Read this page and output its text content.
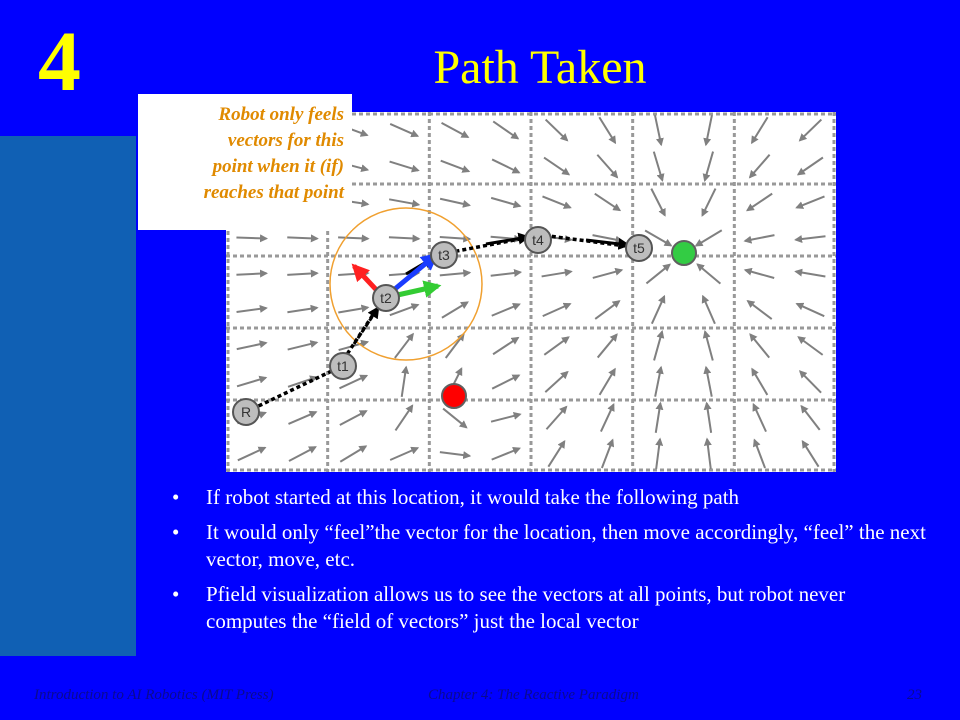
4	Path Taken
R
t1
t2
t3
t4	t5
Robot only feels
vectors for this
point when it (if)
reaches that point
• If robot started at this location, it would take the following path
• It would only “feel”the vector for the location, then move accordingly, “feel” the next vector, move, etc.
• Pfield visualization allows us to see the vectors at all points, but robot never computes the “field of vectors” just the local vector
Introduction to AI Robotics (MIT Press)	Chapter 4: The Reactive Paradigm	23
